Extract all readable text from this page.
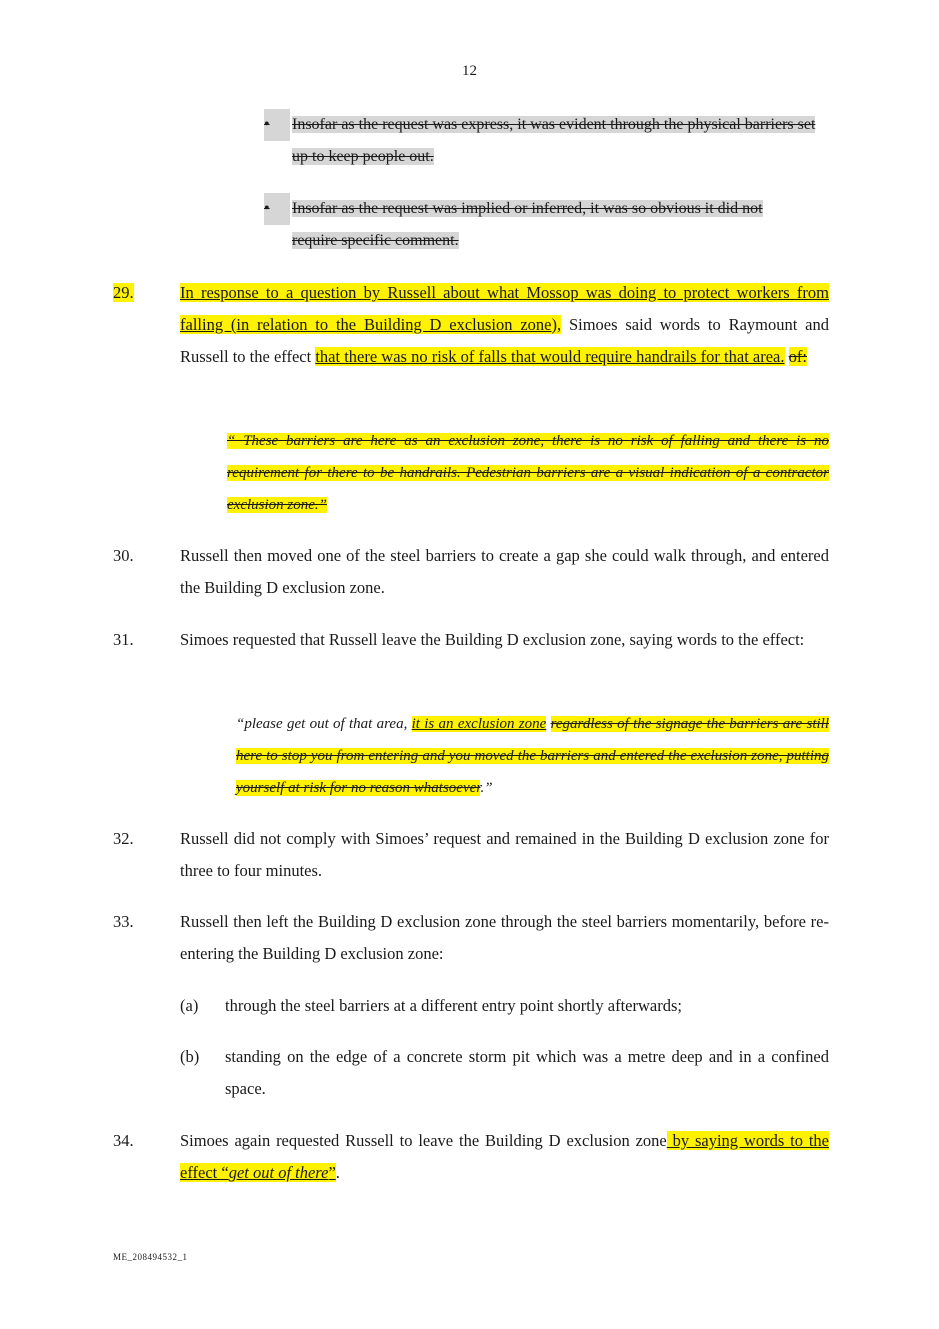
12
•	Insofar as the request was express, it was evident through the physical barriers set up to keep people out.
•	Insofar as the request was implied or inferred, it was so obvious it did not require specific comment.
29.	In response to a question by Russell about what Mossop was doing to protect workers from falling (in relation to the Building D exclusion zone), Simoes said words to Raymount and Russell to the effect that there was no risk of falls that would require handrails for that area. of:
“ These barriers are here as an exclusion zone, there is no risk of falling and there is no requirement for there to be handrails. Pedestrian barriers are a visual indication of a contractor exclusion zone.”
30.	Russell then moved one of the steel barriers to create a gap she could walk through, and entered the Building D exclusion zone.
31.	Simoes requested that Russell leave the Building D exclusion zone, saying words to the effect:
“please get out of that area, it is an exclusion zone regardless of the signage the barriers are still here to stop you from entering and you moved the barriers and entered the exclusion zone, putting yourself at risk for no reason whatsoever.”
32.	Russell did not comply with Simoes’ request and remained in the Building D exclusion zone for three to four minutes.
33.	Russell then left the Building D exclusion zone through the steel barriers momentarily, before re-entering the Building D exclusion zone:
(a)	through the steel barriers at a different entry point shortly afterwards;
(b)	standing on the edge of a concrete storm pit which was a metre deep and in a confined space.
34.	Simoes again requested Russell to leave the Building D exclusion zone by saying words to the effect “get out of there”.
ME_208494532_1
